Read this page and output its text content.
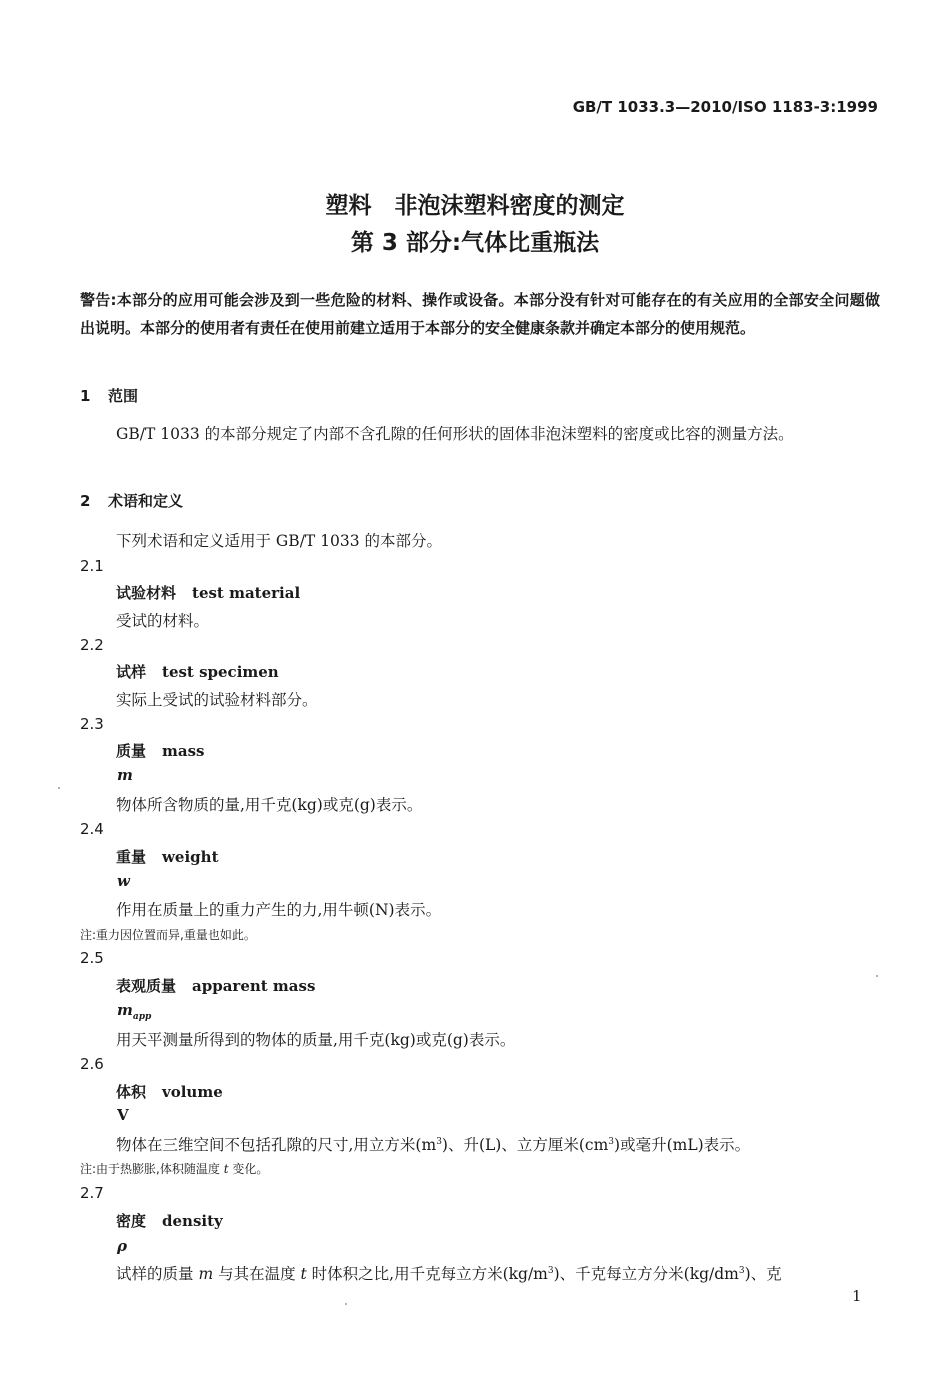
GB/T 1033.3—2010/ISO 1183-3:1999
塑料　非泡沫塑料密度的测定
第 3 部分:气体比重瓶法
警告:本部分的应用可能会涉及到一些危险的材料、操作或设备。本部分没有针对可能存在的有关应用的全部安全问题做出说明。本部分的使用者有责任在使用前建立适用于本部分的安全健康条款并确定本部分的使用规范。
1 范围
GB/T 1033 的本部分规定了内部不含孔隙的任何形状的固体非泡沫塑料的密度或比容的测量方法。
2 术语和定义
下列术语和定义适用于 GB/T 1033 的本部分。
2.1
试验材料 test material
受试的材料。
2.2
试样 test specimen
实际上受试的试验材料部分。
2.3
质量 mass
m
物体所含物质的量,用千克(kg)或克(g)表示。
2.4
重量 weight
w
作用在质量上的重力产生的力,用牛顿(N)表示。
注:重力因位置而异,重量也如此。
2.5
表观质量 apparent mass
$m_{app}$
用天平测量所得到的物体的质量,用千克(kg)或克(g)表示。
2.6
体积 volume
V
物体在三维空间不包括孔隙的尺寸,用立方米$(m^3)$、升(L)、立方厘米$(cm^3)$或毫升(mL)表示。
注:由于热膨胀,体积随温度 t 变化。
2.7
密度 density
ρ
试样的质量 m 与其在温度 t 时体积之比,用千克每立方米$(kg/m^3)$、千克每立方分米$(kg/dm^3)$、克
1
